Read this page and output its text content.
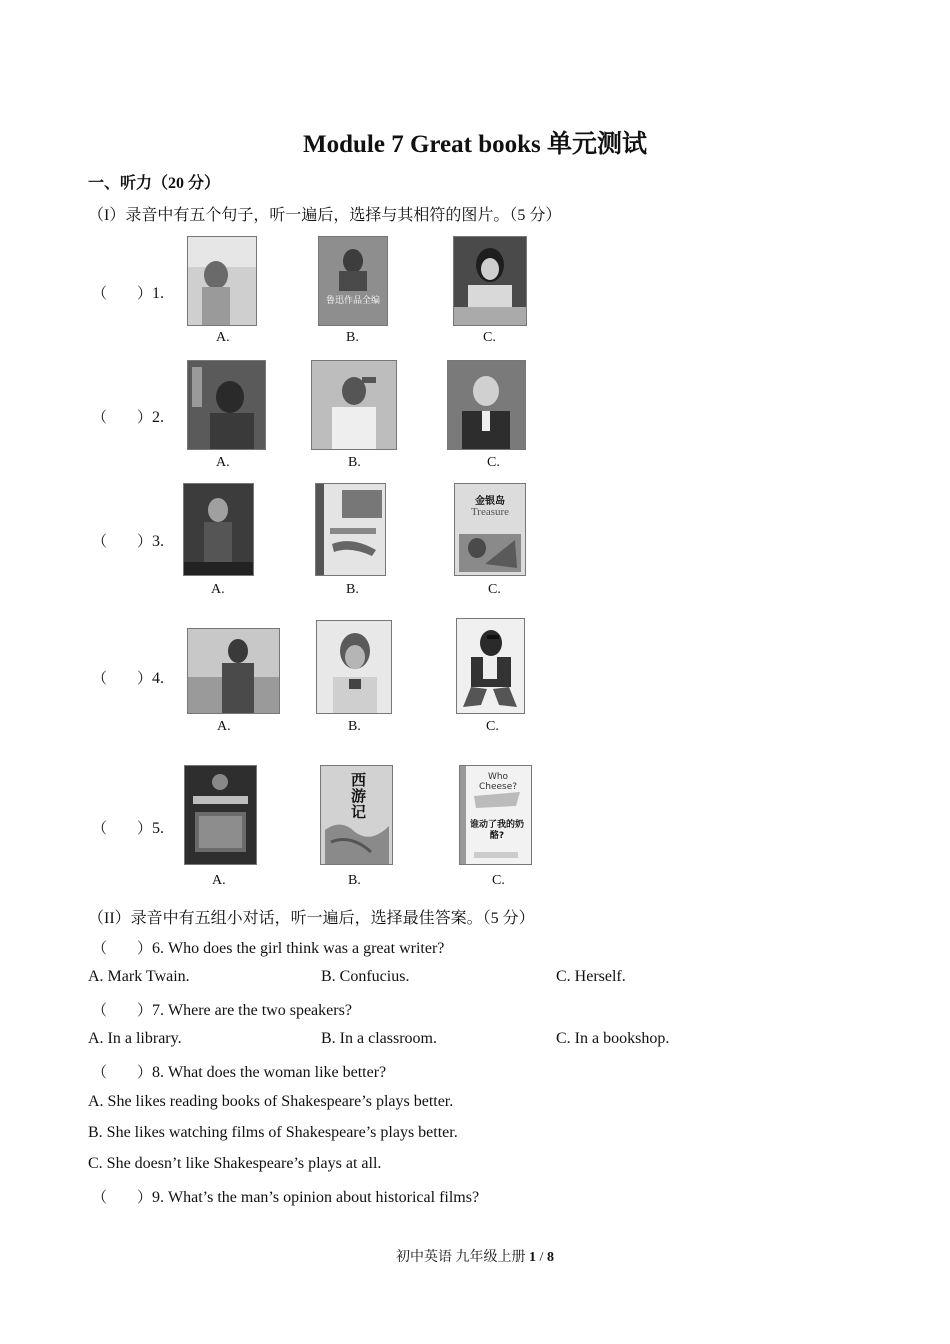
Module 7 Great books 单元测试
一、听力（20 分）
（I）录音中有五个句子，听一遍后，选择与其相符的图片。（5 分）
（　　）1.	鲁迅作品全编
A.	B.	C.
（　　）2.
A.	B.	C.
（　　）3.
金银岛
Treasure
A.	B.	C.
（　　）4.
A.	B.	C.
（　　）5.
西游记
Who Cheese?
谁动了我的奶酪?
A.	B.	C.
（II）录音中有五组小对话，听一遍后，选择最佳答案。（5 分）
（　　）6. Who does the girl think was a great writer?
A. Mark Twain.	B. Confucius.	C. Herself.
（　　）7. Where are the two speakers?
A. In a library.	B. In a classroom.	C. In a bookshop.
（　　）8. What does the woman like better?
A. She likes reading books of Shakespeare’s plays better.
B. She likes watching films of Shakespeare’s plays better.
C. She doesn’t like Shakespeare’s plays at all.
（　　）9. What’s the man’s opinion about historical films?
初中英语 九年级上册 1 / 8
